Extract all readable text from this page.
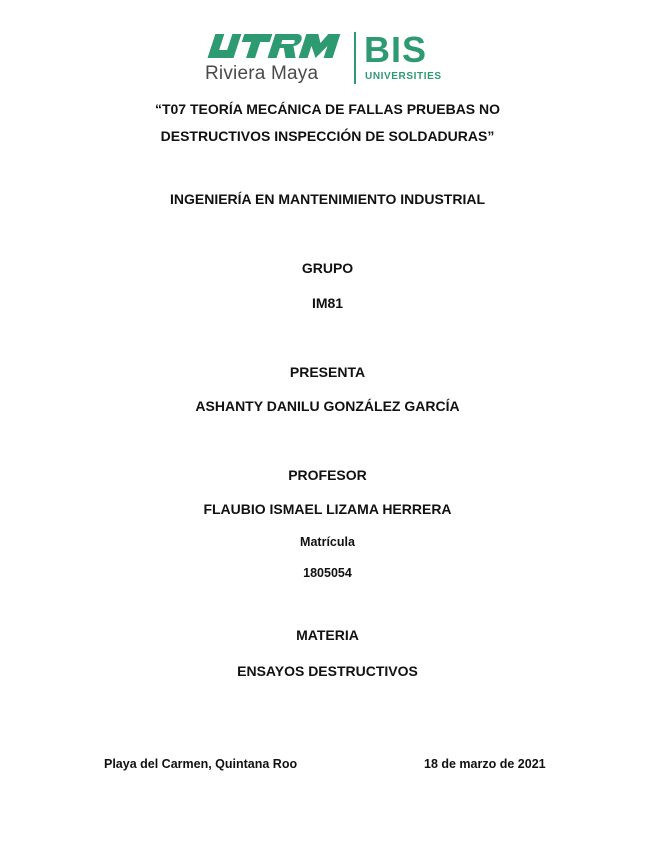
Riviera Maya
BIS
UNIVERSITIES
“T07 TEORÍA MECÁNICA DE FALLAS PRUEBAS NO
DESTRUCTIVOS INSPECCIÓN DE SOLDADURAS”
INGENIERÍA EN MANTENIMIENTO INDUSTRIAL
GRUPO
IM81
PRESENTA
ASHANTY DANILU GONZÁLEZ GARCÍA
PROFESOR
FLAUBIO ISMAEL LIZAMA HERRERA
Matrícula
1805054
MATERIA
ENSAYOS DESTRUCTIVOS
Playa del Carmen, Quintana Roo	18 de marzo de 2021
